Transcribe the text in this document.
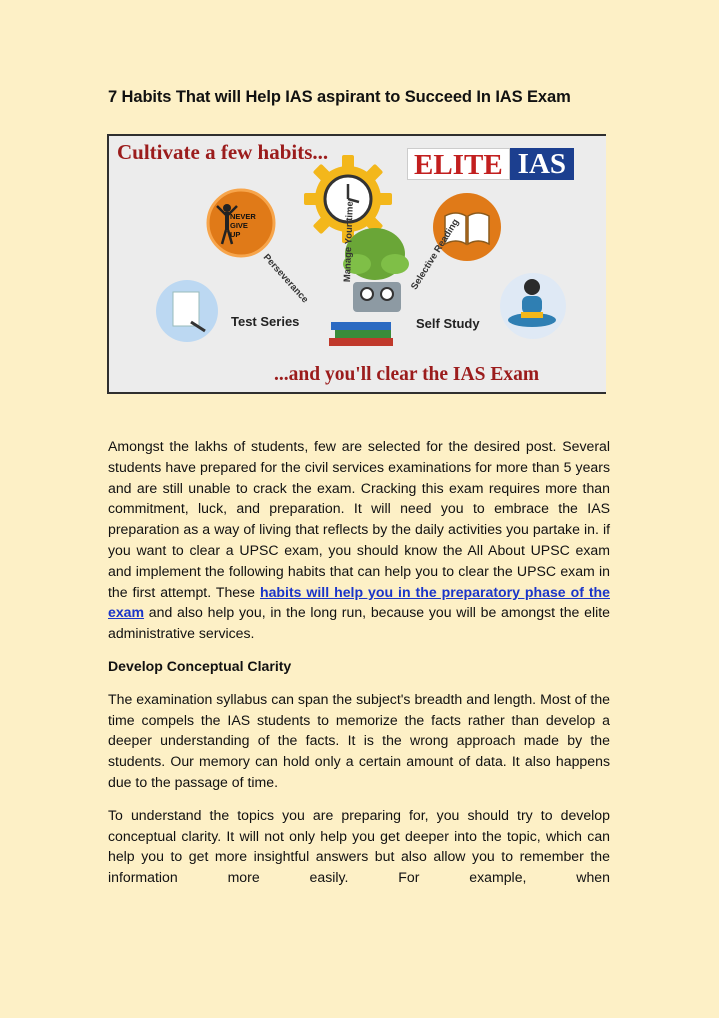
7 Habits That will Help IAS aspirant to Succeed In IAS Exam
Cultivate a few habits...	ELITE IAS
NEVER GIVE UP
Perseverance	Manage Your time	Selective Reading
Test Series	Self Study
...and you'll clear the IAS Exam

Amongst the lakhs of students, few are selected for the desired post. Several students have prepared for the civil services examinations for more than 5 years and are still unable to crack the exam. Cracking this exam requires more than commitment, luck, and preparation. It will need you to embrace the IAS preparation as a way of living that reflects by the daily activities you partake in. if you want to clear a UPSC exam, you should know the All About UPSC exam and implement the following habits that can help you to clear the UPSC exam in the first attempt. These habits will help you in the preparatory phase of the exam and also help you, in the long run, because you will be amongst the elite administrative services.

Develop Conceptual Clarity

The examination syllabus can span the subject's breadth and length. Most of the time compels the IAS students to memorize the facts rather than develop a deeper understanding of the facts. It is the wrong approach made by the students. Our memory can hold only a certain amount of data. It also happens due to the passage of time.

To understand the topics you are preparing for, you should try to develop conceptual clarity. It will not only help you get deeper into the topic, which can help you to get more insightful answers but also allow you to remember the information more easily. For example, when
